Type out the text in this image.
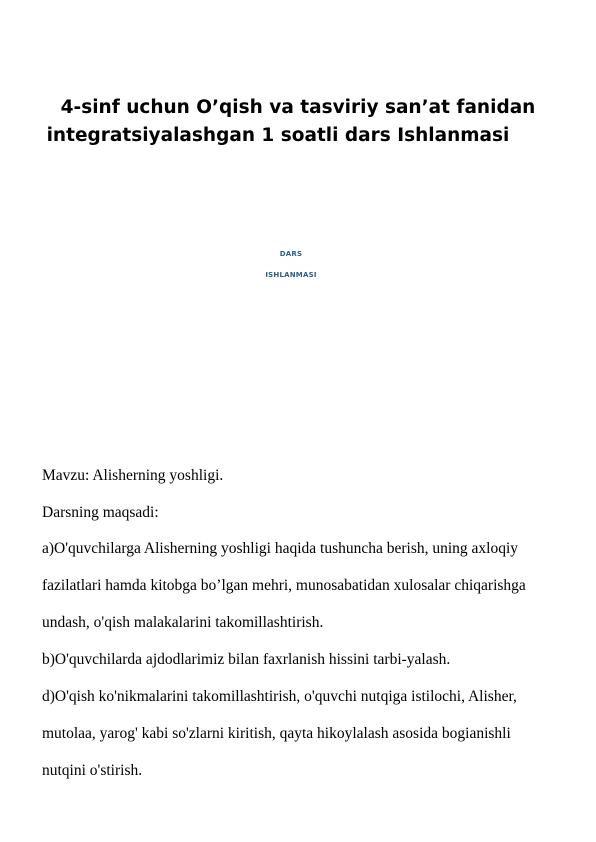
4-sinf uchun O’qish va tasviriy san’at fanidan

integratsiyalashgan 1 soatli dars Ishlanmasi

DARS
ISHLANMASI

Mavzu: Alisherning yoshligi.

Darsning maqsadi:

a)O'quvchilarga Alisherning yoshligi haqida tushuncha berish, uning axloqiy

fazilatlari hamda kitobga bo’lgan mehri, munosabatidan xulosalar chiqarishga

undash, o'qish malakalarini takomillashtirish.

b)O'quvchilarda ajdodlarimiz bilan faxrlanish hissini tarbi-yalash.

d)O'qish ko'nikmalarini takomillashtirish, o'quvchi nutqiga istilochi, Alisher,

mutolaa, yarog' kabi so'zlarni kiritish, qayta hikoylalash asosida bogianishli

nutqini o'stirish.
